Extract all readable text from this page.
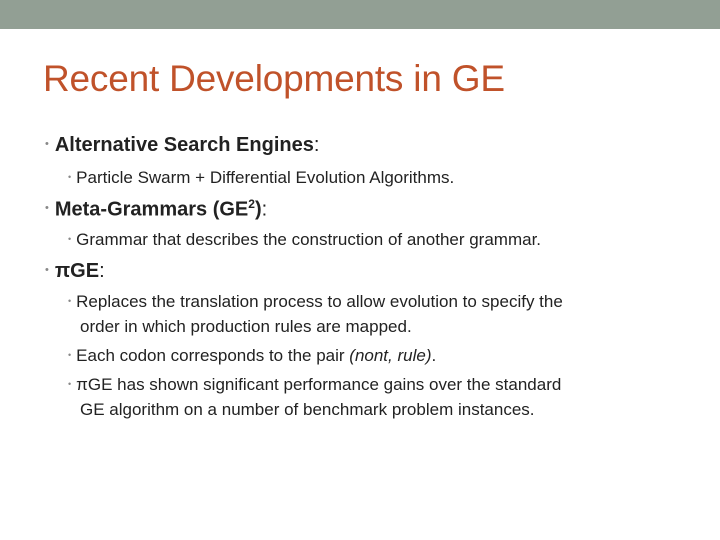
Recent Developments in GE
• Alternative Search Engines:
• Particle Swarm + Differential Evolution Algorithms.
• Meta-Grammars $(GE^2)$:
• Grammar that describes the construction of another grammar.
• πGE:
• Replaces the translation process to allow evolution to specify the
order in which production rules are mapped.
• Each codon corresponds to the pair (nont, rule).
• πGE has shown significant performance gains over the standard
GE algorithm on a number of benchmark problem instances.
